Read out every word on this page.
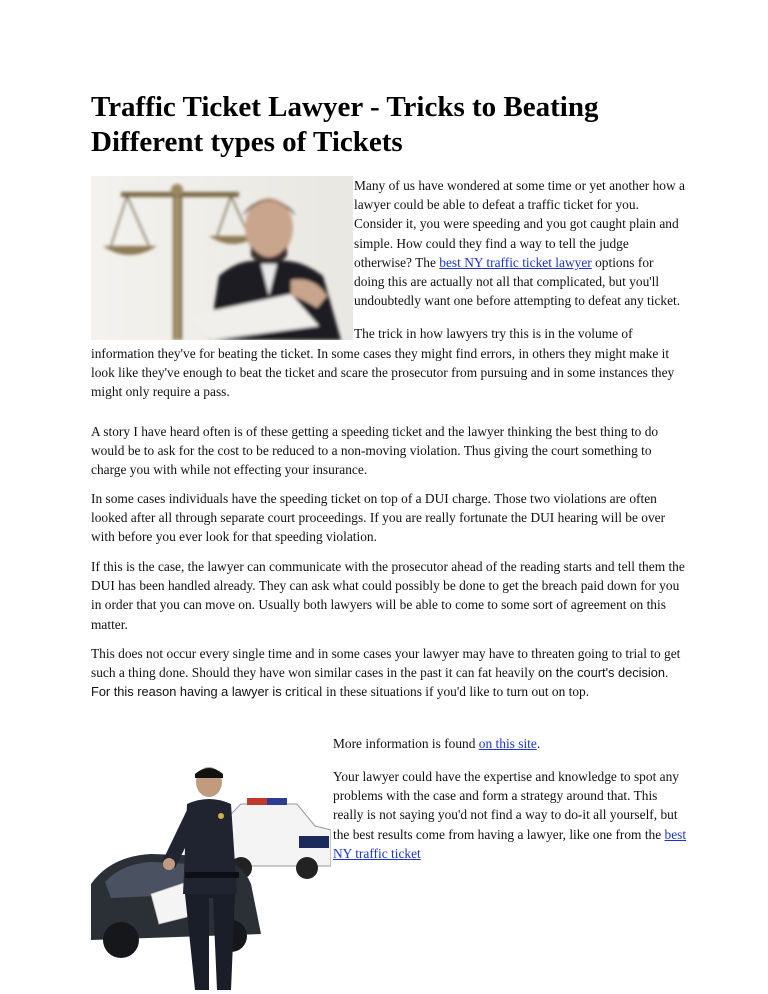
Traffic Ticket Lawyer - Tricks to Beating Different types of Tickets

Many of us have wondered at some time or yet another how a lawyer could be able to defeat a traffic ticket for you. Consider it, you were speeding and you got caught plain and simple. How could they find a way to tell the judge otherwise? The best NY traffic ticket lawyer options for doing this are actually not all that complicated, but you'll undoubtedly want one before attempting to defeat any ticket.

The trick in how lawyers try this is in the volume of information they've for beating the ticket. In some cases they might find errors, in others they might make it look like they've enough to beat the ticket and scare the prosecutor from pursuing and in some instances they might only require a pass.

A story I have heard often is of these getting a speeding ticket and the lawyer thinking the best thing to do would be to ask for the cost to be reduced to a non-moving violation. Thus giving the court something to charge you with while not effecting your insurance.

In some cases individuals have the speeding ticket on top of a DUI charge. Those two violations are often looked after all through separate court proceedings. If you are really fortunate the DUI hearing will be over with before you ever look for that speeding violation.

If this is the case, the lawyer can communicate with the prosecutor ahead of the reading starts and tell them the DUI has been handled already. They can ask what could possibly be done to get the breach paid down for you in order that you can move on. Usually both lawyers will be able to come to some sort of agreement on this matter.

This does not occur every single time and in some cases your lawyer may have to threaten going to trial to get such a thing done. Should they have won similar cases in the past it can fat heavily on the court's decision. For this reason having a lawyer is critical in these situations if you'd like to turn out on top.

More information is found on this site.

Your lawyer could have the expertise and knowledge to spot any problems with the case and form a strategy around that. This really is not saying you'd not find a way to do-it all yourself, but the best results come from having a lawyer, like one from the best NY traffic ticket
